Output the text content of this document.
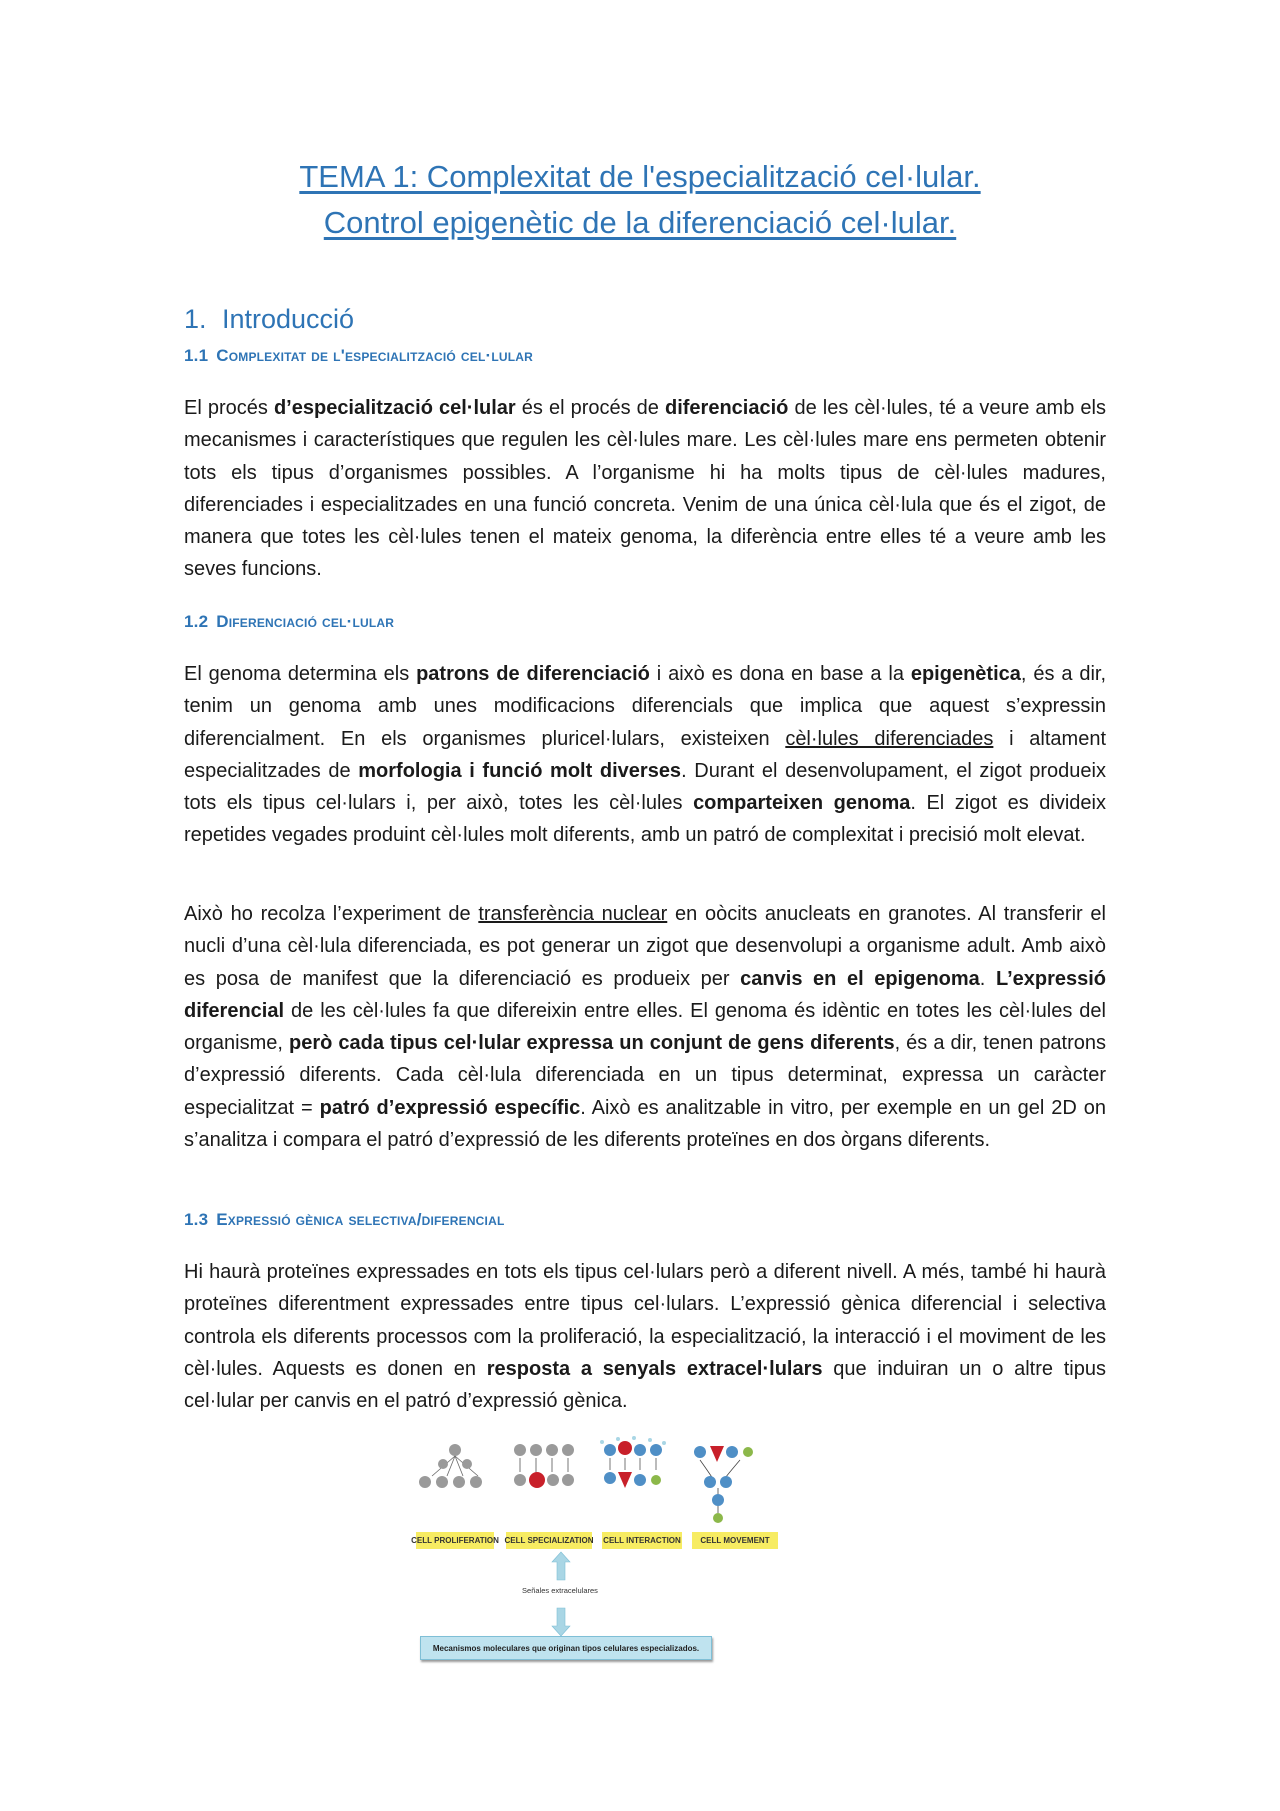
TEMA 1: Complexitat de l'especialització cel·lular.
Control epigenètic de la diferenciació cel·lular.
1. Introducció
1.1 Complexitat de l'especialització cel·lular
El procés d’especialització cel·lular és el procés de diferenciació de les cèl·lules, té a veure amb els mecanismes i característiques que regulen les cèl·lules mare. Les cèl·lules mare ens permeten obtenir tots els tipus d’organismes possibles. A l’organisme hi ha molts tipus de cèl·lules madures, diferenciades i especialitzades en una funció concreta. Venim de una única cèl·lula que és el zigot, de manera que totes les cèl·lules tenen el mateix genoma, la diferència entre elles té a veure amb les seves funcions.
1.2 Diferenciació cel·lular
El genoma determina els patrons de diferenciació i això es dona en base a la epigenètica, és a dir, tenim un genoma amb unes modificacions diferencials que implica que aquest s’expressin diferencialment. En els organismes pluricel·lulars, existeixen cèl·lules diferenciades i altament especialitzades de morfologia i funció molt diverses. Durant el desenvolupament, el zigot produeix tots els tipus cel·lulars i, per això, totes les cèl·lules comparteixen genoma. El zigot es divideix repetides vegades produint cèl·lules molt diferents, amb un patró de complexitat i precisió molt elevat.
Això ho recolza l’experiment de transferència nuclear en oòcits anucleats en granotes. Al transferir el nucli d’una cèl·lula diferenciada, es pot generar un zigot que desenvolupi a organisme adult. Amb això es posa de manifest que la diferenciació es produeix per canvis en el epigenoma. L’expressió diferencial de les cèl·lules fa que difereixin entre elles. El genoma és idèntic en totes les cèl·lules del organisme, però cada tipus cel·lular expressa un conjunt de gens diferents, és a dir, tenen patrons d’expressió diferents. Cada cèl·lula diferenciada en un tipus determinat, expressa un caràcter especialitzat = patró d’expressió específic. Això es analitzable in vitro, per exemple en un gel 2D on s’analitza i compara el patró d’expressió de les diferents proteïnes en dos òrgans diferents.
1.3 Expressió gènica selectiva/diferencial
Hi haurà proteïnes expressades en tots els tipus cel·lulars però a diferent nivell. A més, també hi haurà proteïnes diferentment expressades entre tipus cel·lulars. L’expressió gènica diferencial i selectiva controla els diferents processos com la proliferació, la especialització, la interacció i el moviment de les cèl·lules. Aquests es donen en resposta a senyals extracel·lulars que induiran un o altre tipus cel·lular per canvis en el patró d’expressió gènica.
CELL PROLIFERATION CELL SPECIALIZATION CELL INTERACTION	CELL MOVEMENT
Señales extracelulares
Mecanismos moleculares que originan tipos celulares especializados.
